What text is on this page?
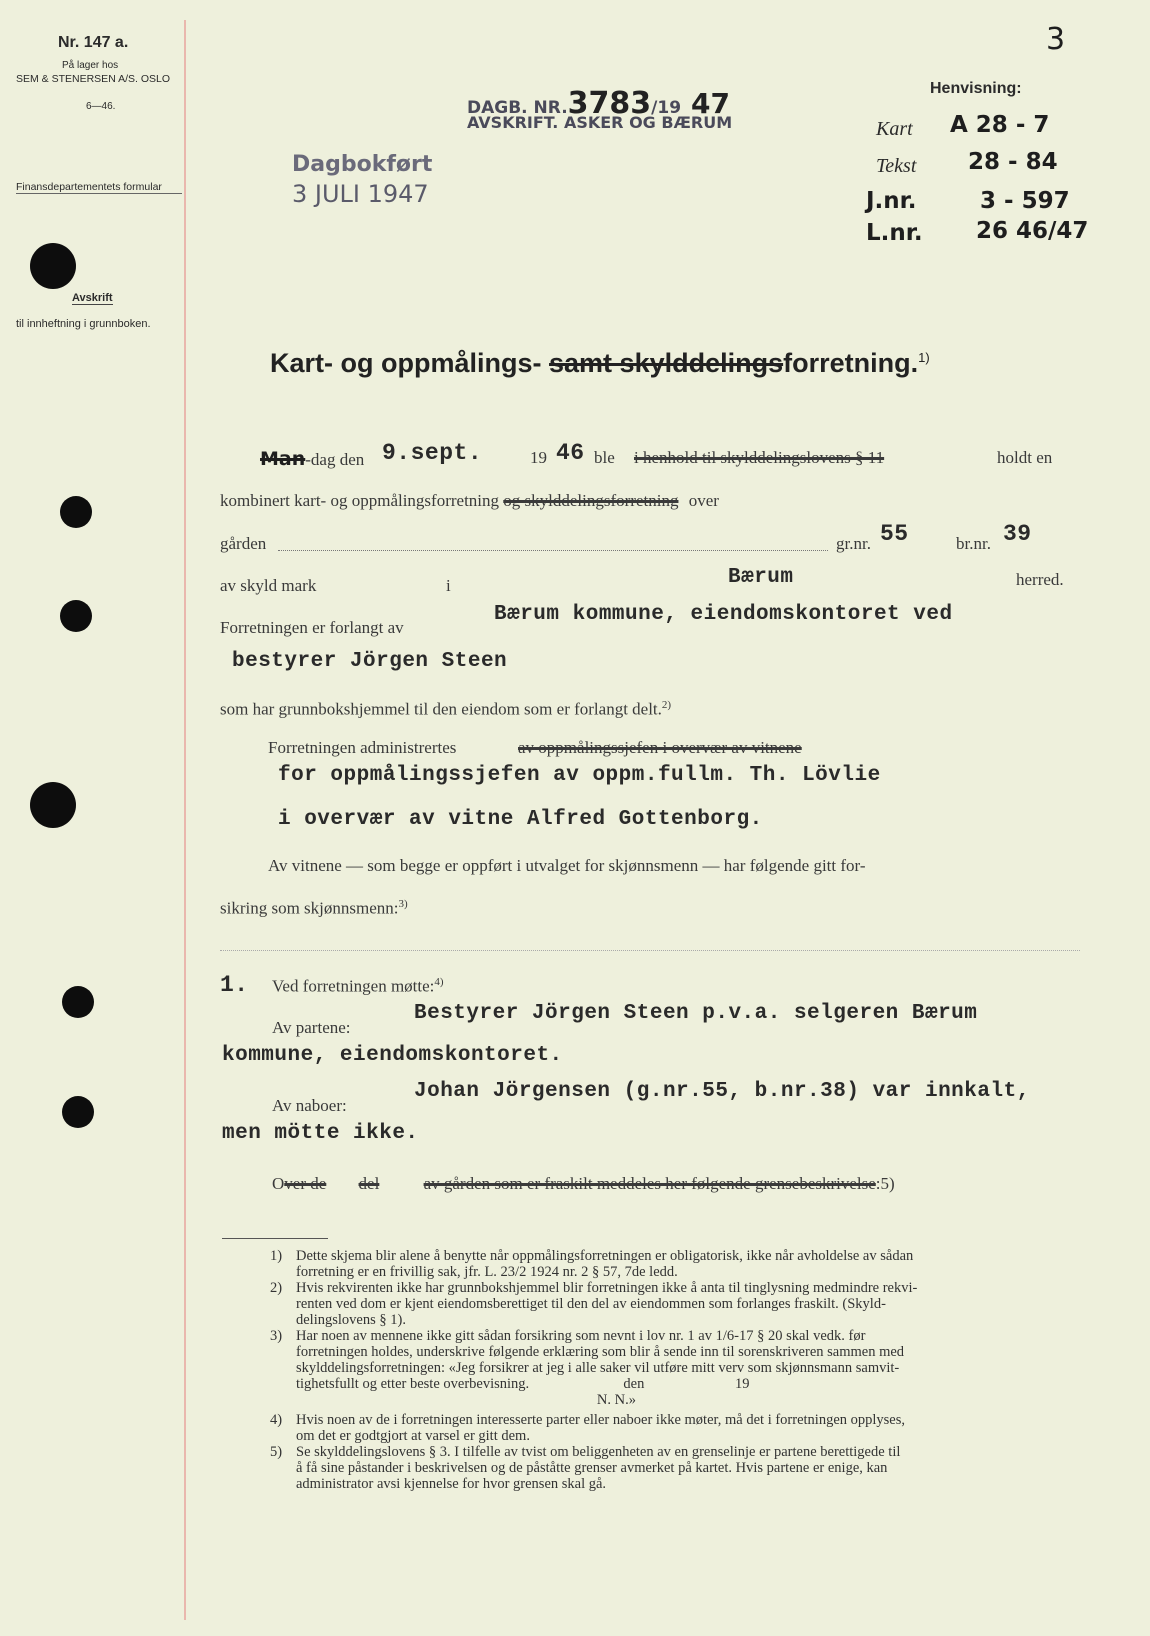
3
Nr. 147 a.
På lager hos
SEM & STENERSEN A/S. OSLO
6—46.
Finansdepartementets formular
Avskrift
til innheftning i grunnboken.
DAGB. NR.3783/19 47
AVSKRIFT. ASKER OG BÆRUM
Dagbokført
3 JULI 1947
Henvisning:
Kart A 28 - 7
Tekst 28 - 84
J.nr.	3 - 597
L.nr. 26 46/47
Kart- og oppmålings- samt skylddelingsforretning.$^{1)}$
Man-dag den 9.sept.	19 46 ble i henhold til skylddelingslovens § 11	holdt en
kombinert kart- og oppmålingsforretning og skylddelingsforretning over
gården	gr.nr. 55	br.nr. 39
av skyld mark	i	Bærum	herred.
Forretningen er forlangt av
Bærum kommune, eiendomskontoret ved
bestyrer Jörgen Steen
som har grunnbokshjemmel til den eiendom som er forlangt delt.$^{2)}$
Forretningen administrertes	av oppmålingssjefen i overvær av vitnene
for oppmålingssjefen av oppm.fullm. Th. Lövlie
i overvær av vitne Alfred Gottenborg.
Av vitnene — som begge er oppført i utvalget for skjønnsmenn — har følgende gitt for-
sikring som skjønnsmenn:$^{3)}$
1. Ved forretningen møtte:$^{4)}$
Av partene:
Bestyrer Jörgen Steen p.v.a. selgeren Bærum
kommune, eiendomskontoret.
Av naboer:
Johan Jörgensen (g.nr.55, b.nr.38) var innkalt,
men mötte ikke.
Over de del	av gården som er fraskilt meddeles her følgende grensebeskrivelse:5)
1) Dette skjema blir alene å benytte når oppmålingsforretningen er obligatorisk, ikke når avholdelse av sådan
forretning er en frivillig sak, jfr. L. 23/2 1924 nr. 2 § 57, 7de ledd.
2) Hvis rekvirenten ikke har grunnbokshjemmel blir forretningen ikke å anta til tinglysning medmindre rekvi-
renten ved dom er kjent eiendomsberettiget til den del av eiendommen som forlanges fraskilt. (Skyld-
delingslovens § 1).
3) Har noen av mennene ikke gitt sådan forsikring som nevnt i lov nr. 1 av 1/6-17 § 20 skal vedk. før
forretningen holdes, underskrive følgende erklæring som blir å sende inn til sorenskriveren sammen med
skylddelingsforretningen: «Jeg forsikrer at jeg i alle saker vil utføre mitt verv som skjønnsmann samvit-
tighetsfullt og etter beste overbevisning.                          den                         19
N. N.»
4) Hvis noen av de i forretningen interesserte parter eller naboer ikke møter, må det i forretningen opplyses,
om det er godtgjort at varsel er gitt dem.
5) Se skylddelingslovens § 3. I tilfelle av tvist om beliggenheten av en grenselinje er partene berettigede til
å få sine påstander i beskrivelsen og de påståtte grenser avmerket på kartet. Hvis partene er enige, kan
administrator avsi kjennelse for hvor grensen skal gå.
